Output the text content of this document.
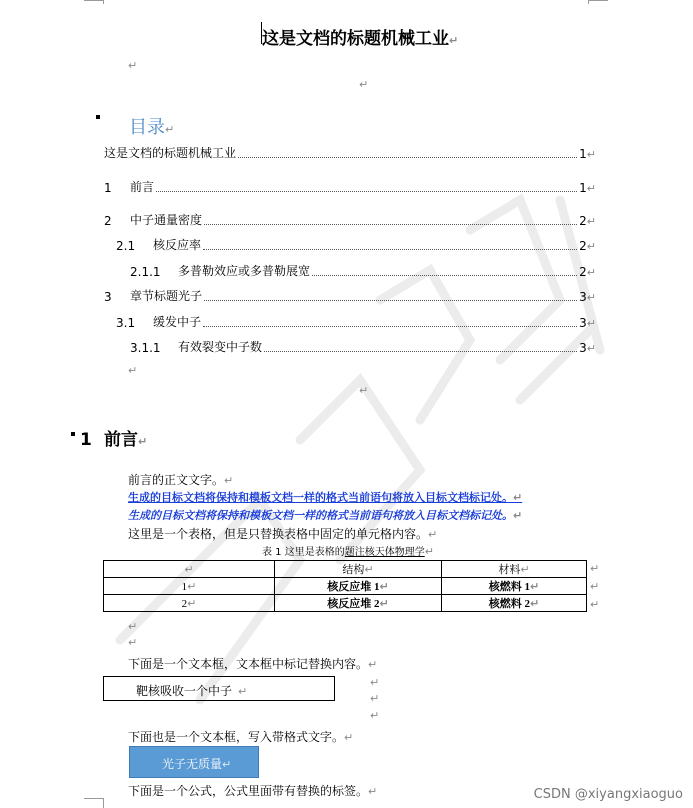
这是文档的标题机械工业↵
↵
↵
目录↵
这是文档的标题机械工业	1 ↵
1	前言	1 ↵
2	中子通量密度	2 ↵
2.1	核反应率	2 ↵
2.1.1	多普勒效应或多普勒展宽	2 ↵
3	章节标题光子	3 ↵
3.1	缓发中子	3 ↵
3.1.1	有效裂变中子数	3 ↵
↵
↵
1 前言↵
前言的正文文字。↵
生成的目标文档将保持和模板文档一样的格式当前语句将放入目标文档标记处。↵
生成的目标文档将保持和模板文档一样的格式当前语句将放入目标文档标记处。↵
这里是一个表格，但是只替换表格中固定的单元格内容。↵
表 1 这里是表格的题注核天体物理学↵
↵	结构↵	材料↵
1↵	核反应堆 1↵	核燃料 1↵
2↵	核反应堆 2↵	核燃料 2↵
↵
↵
↵
↵
↵
下面是一个文本框，文本框中标记替换内容。↵
靶核吸收一个中子 ↵
↵
↵
↵
下面也是一个文本框，写入带格式文字。↵
光子无质量↵
下面是一个公式，公式里面带有替换的标签。↵	CSDN @xiyangxiaoguo
